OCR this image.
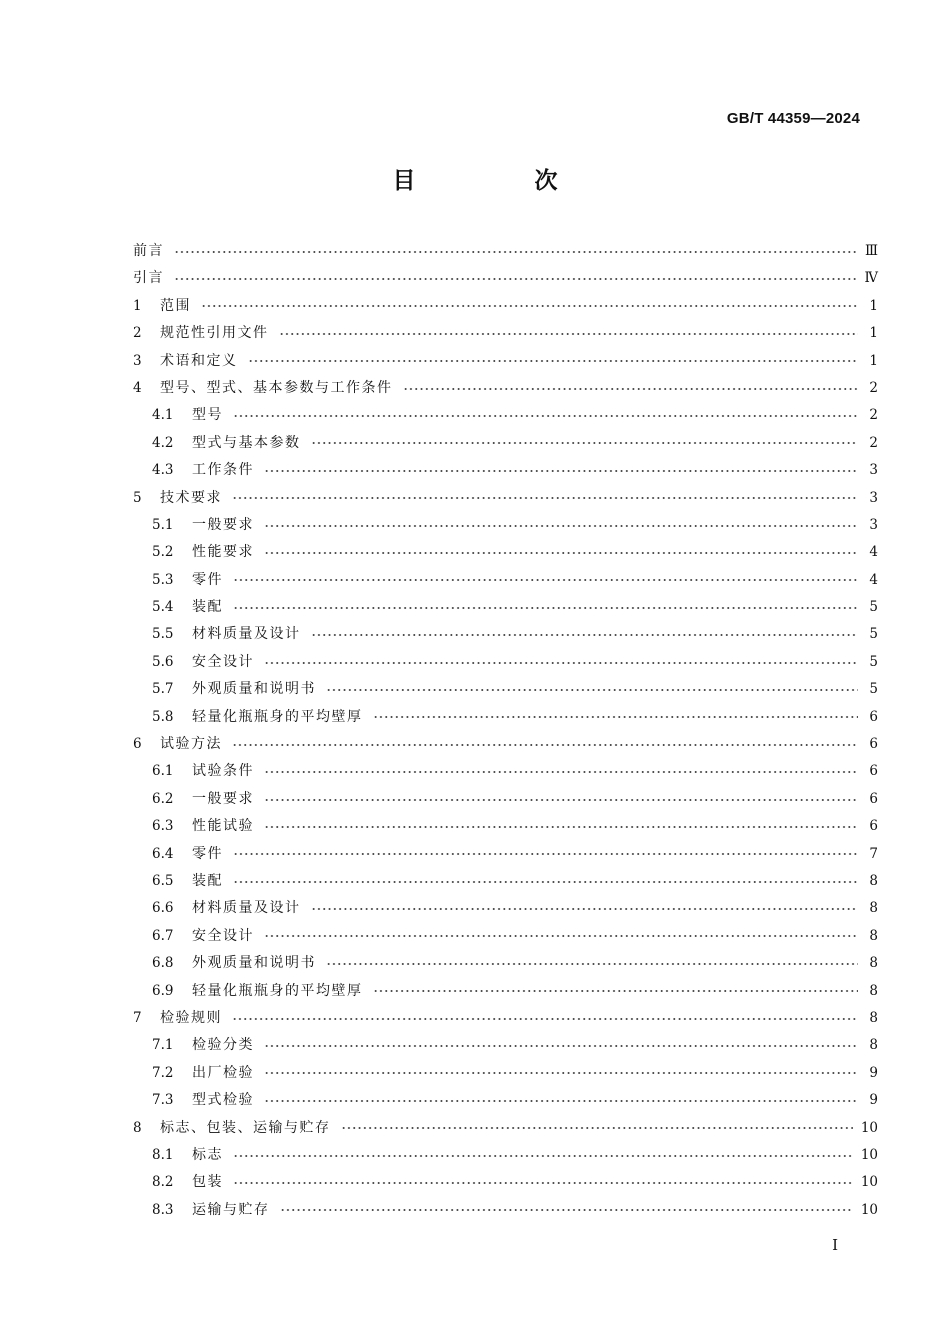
GB/T 44359—2024
目　次
前言	Ⅲ
引言	Ⅳ
1	范围	1
2	规范性引用文件	1
3	术语和定义	1
4	型号、型式、基本参数与工作条件	2
4.1	型号	2
4.2	型式与基本参数	2
4.3	工作条件	3
5	技术要求	3
5.1	一般要求	3
5.2	性能要求	4
5.3	零件	4
5.4	装配	5
5.5	材料质量及设计	5
5.6	安全设计	5
5.7	外观质量和说明书	5
5.8	轻量化瓶瓶身的平均壁厚	6
6	试验方法	6
6.1	试验条件	6
6.2	一般要求	6
6.3	性能试验	6
6.4	零件	7
6.5	装配	8
6.6	材料质量及设计	8
6.7	安全设计	8
6.8	外观质量和说明书	8
6.9	轻量化瓶瓶身的平均壁厚	8
7	检验规则	8
7.1	检验分类	8
7.2	出厂检验	9
7.3	型式检验	9
8	标志、包装、运输与贮存	10
8.1	标志	10
8.2	包装	10
8.3	运输与贮存	10
Ⅰ
